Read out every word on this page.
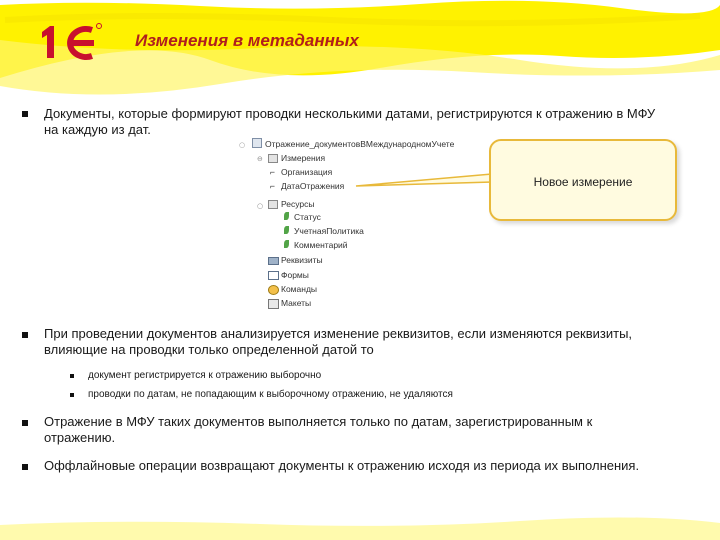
Изменения в метаданных
Документы, которые формируют проводки несколькими датами, регистрируются к отражению в МФУ
на каждую из дат.
○
⊖
○
Отражение_документовВМеждународномУчете
Измерения
⌐ Организация
⌐ ДатаОтражения
Ресурсы
Статус
УчетнаяПолитика
Комментарий
Реквизиты
Формы
Команды
Макеты
Новое измерение
При проведении документов анализируется изменение реквизитов, если изменяются реквизиты,
влияющие на проводки только определенной датой то
документ регистрируется к отражению выборочно
проводки по датам, не попадающим к выборочному отражению, не удаляются
Отражение в МФУ таких документов выполняется только по датам, зарегистрированным к
отражению.
Оффлайновые операции возвращают документы к отражению исходя из периода их выполнения.
